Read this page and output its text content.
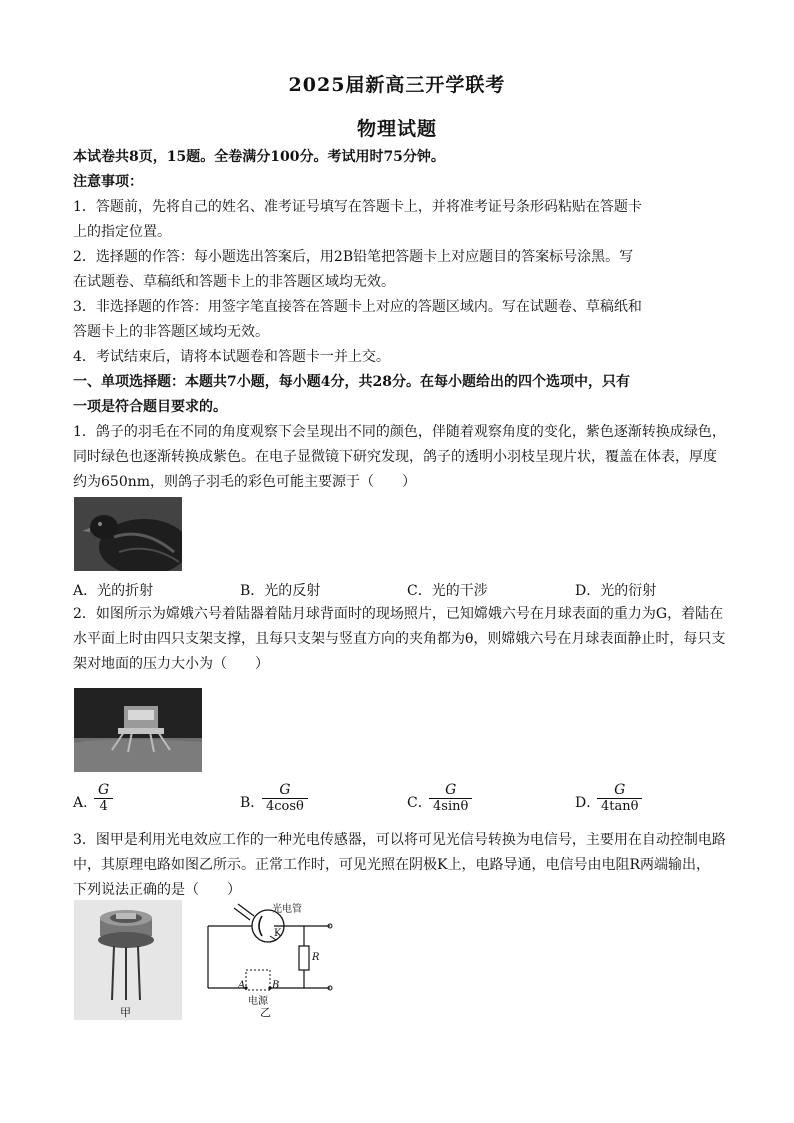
2025届新高三开学联考
物理试题
本试卷共8页，15题。全卷满分100分。考试用时75分钟。
注意事项：
1．答题前，先将自己的姓名、准考证号填写在答题卡上，并将准考证号条形码粘贴在答题卡
上的指定位置。
2．选择题的作答：每小题选出答案后，用2B铅笔把答题卡上对应题目的答案标号涂黑。写
在试题卷、草稿纸和答题卡上的非答题区域均无效。
3．非选择题的作答：用签字笔直接答在答题卡上对应的答题区域内。写在试题卷、草稿纸和
答题卡上的非答题区域均无效。
4．考试结束后，请将本试题卷和答题卡一并上交。
一、单项选择题：本题共7小题，每小题4分，共28分。在每小题给出的四个选项中，只有
一项是符合题目要求的。
1．鸽子的羽毛在不同的角度观察下会呈现出不同的颜色，伴随着观察角度的变化，紫色逐渐转换成绿色，
同时绿色也逐渐转换成紫色。在电子显微镜下研究发现，鸽子的透明小羽枝呈现片状，覆盖在体表，厚度
约为650nm，则鸽子羽毛的彩色可能主要源于（　　）
A．光的折射	B．光的反射	C．光的干涉	D．光的衍射
2．如图所示为嫦娥六号着陆器着陆月球背面时的现场照片，已知嫦娥六号在月球表面的重力为G，着陆在
水平面上时由四只支架支撑，且每只支架与竖直方向的夹角都为θ，则嫦娥六号在月球表面静止时，每只支
架对地面的压力大小为（　　）
A．
$\frac{G}{4}$	B．
$\frac{G}{4\cos\theta}$	C．
$\frac{G}{4\sin\theta}$	D．
$\frac{G}{4\tan\theta}$
3．图甲是利用光电效应工作的一种光电传感器，可以将可见光信号转换为电信号，主要用在自动控制电路
中，其原理电路如图乙所示。正常工作时，可见光照在阴极K上，电路导通，电信号由电阻R两端输出，
下列说法正确的是（　　）
甲
光电管
K
R
A	B
电源
乙
